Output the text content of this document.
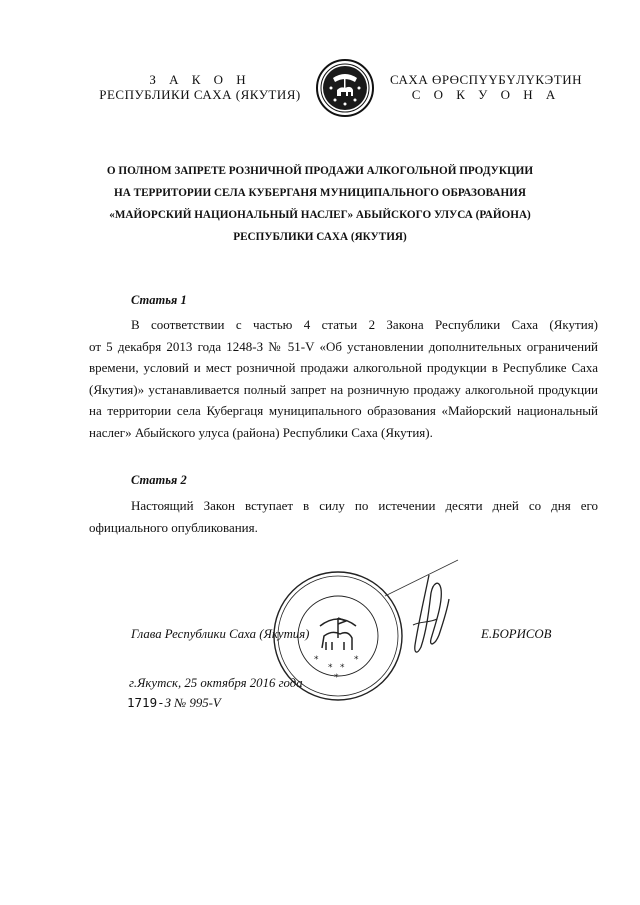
З А К О Н
РЕСПУБЛИКИ САХА (ЯКУТИЯ)
САХА ӨРӨСПҮҮБҮЛҮКЭТИН
С О К У О Н А
О ПОЛНОМ ЗАПРЕТЕ РОЗНИЧНОЙ ПРОДАЖИ АЛКОГОЛЬНОЙ ПРОДУКЦИИ
НА ТЕРРИТОРИИ СЕЛА КУБЕРГАНЯ МУНИЦИПАЛЬНОГО ОБРАЗОВАНИЯ
«МАЙОРСКИЙ НАЦИОНАЛЬНЫЙ НАСЛЕГ» АБЫЙСКОГО УЛУСА (РАЙОНА)
РЕСПУБЛИКИ САХА (ЯКУТИЯ)
Статья 1
В соответствии с частью 4 статьи 2 Закона Республики Саха (Якутия)
от 5 декабря 2013 года 1248-З № 51-V «Об установлении дополнительных ограничений
времени, условий и мест розничной продажи алкогольной продукции в Республике Саха
(Якутия)» устанавливается полный запрет на розничную продажу алкогольной продукции
на территории села Кубергаця муниципального образования «Майорский национальный
наслег» Абыйского улуса (района) Республики Саха (Якутия).
Статья 2
Настоящий Закон вступает в силу по истечении десяти дней со дня его
официального опубликования.
Глава Республики Саха (Якутия)	Е.БОРИСОВ
г.Якутск, 25 октября 2016 года
1719-З № 995-V
* *
*	*
*
